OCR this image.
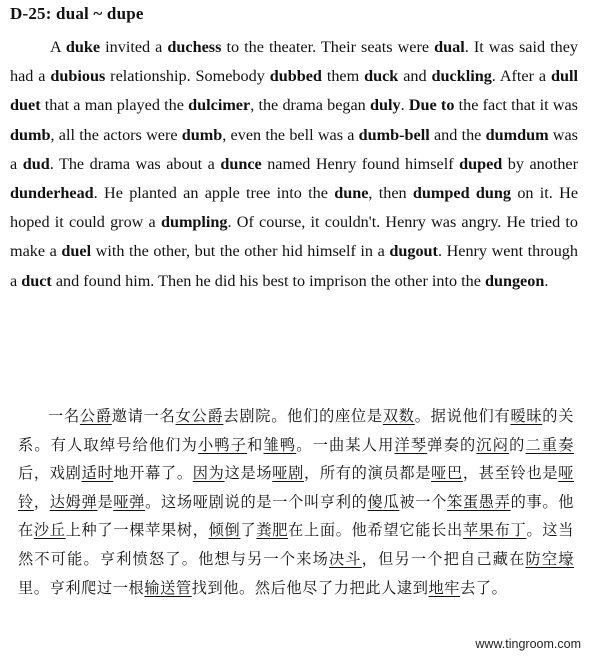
D-25: dual ~ dupe
A duke invited a duchess to the theater. Their seats were dual. It was said they had a dubious relationship. Somebody dubbed them duck and duckling. After a dull duet that a man played the dulcimer, the drama began duly. Due to the fact that it was dumb, all the actors were dumb, even the bell was a dumb-bell and the dumdum was a dud. The drama was about a dunce named Henry found himself duped by another dunderhead. He planted an apple tree into the dune, then dumped dung on it. He hoped it could grow a dumpling. Of course, it couldn't. Henry was angry. He tried to make a duel with the other, but the other hid himself in a dugout. Henry went through a duct and found him. Then he did his best to imprison the other into the dungeon.
一名公爵邀请一名女公爵去剧院。他们的座位是双数。据说他们有暧昧的关系。有人取绰号给他们为小鸭子和雏鸭。一曲某人用洋琴弹奏的沉闷的二重奏后，戏剧适时地开幕了。因为这是场哑剧，所有的演员都是哑巴，甚至铃也是哑铃，达姆弹是哑弹。这场哑剧说的是一个叫亨利的傻瓜被一个笨蛋愚弄的事。他在沙丘上种了一棵苹果树，倾倒了粪肥在上面。他希望它能长出苹果布丁。这当然不可能。亨利愤怒了。他想与另一个来场决斗，但另一个把自己藏在防空壕里。亨利爬过一根输送管找到他。然后他尽了力把此人逮到地牢去了。
www.tingroom.com
